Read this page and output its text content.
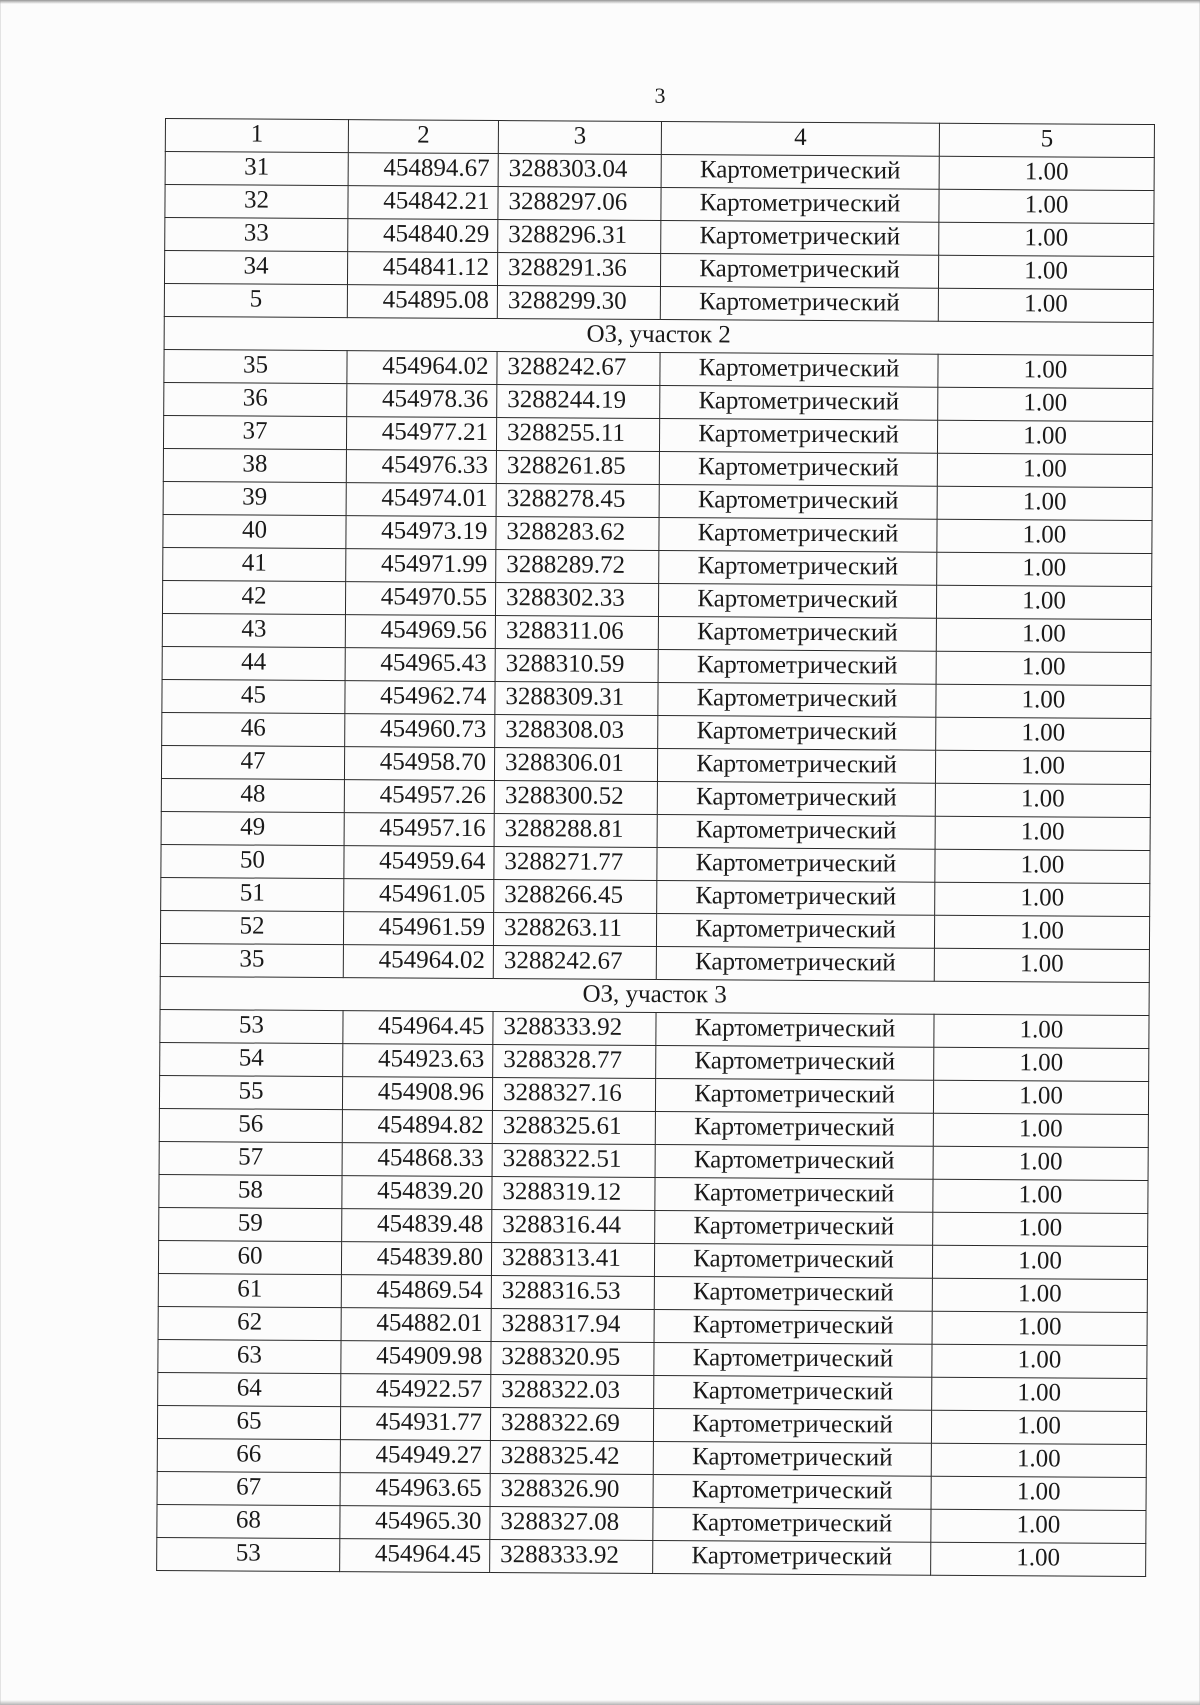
3
1	2	3	4	5
31	454894.67	3288303.04	Картометрический	1.00
32	454842.21	3288297.06	Картометрический	1.00
33	454840.29	3288296.31	Картометрический	1.00
34	454841.12	3288291.36	Картометрический	1.00
5	454895.08	3288299.30	Картометрический	1.00
ОЗ, участок 2				
35	454964.02	3288242.67	Картометрический	1.00
36	454978.36	3288244.19	Картометрический	1.00
37	454977.21	3288255.11	Картометрический	1.00
38	454976.33	3288261.85	Картометрический	1.00
39	454974.01	3288278.45	Картометрический	1.00
40	454973.19	3288283.62	Картометрический	1.00
41	454971.99	3288289.72	Картометрический	1.00
42	454970.55	3288302.33	Картометрический	1.00
43	454969.56	3288311.06	Картометрический	1.00
44	454965.43	3288310.59	Картометрический	1.00
45	454962.74	3288309.31	Картометрический	1.00
46	454960.73	3288308.03	Картометрический	1.00
47	454958.70	3288306.01	Картометрический	1.00
48	454957.26	3288300.52	Картометрический	1.00
49	454957.16	3288288.81	Картометрический	1.00
50	454959.64	3288271.77	Картометрический	1.00
51	454961.05	3288266.45	Картометрический	1.00
52	454961.59	3288263.11	Картометрический	1.00
35	454964.02	3288242.67	Картометрический	1.00
ОЗ, участок 3				
53	454964.45	3288333.92	Картометрический	1.00
54	454923.63	3288328.77	Картометрический	1.00
55	454908.96	3288327.16	Картометрический	1.00
56	454894.82	3288325.61	Картометрический	1.00
57	454868.33	3288322.51	Картометрический	1.00
58	454839.20	3288319.12	Картометрический	1.00
59	454839.48	3288316.44	Картометрический	1.00
60	454839.80	3288313.41	Картометрический	1.00
61	454869.54	3288316.53	Картометрический	1.00
62	454882.01	3288317.94	Картометрический	1.00
63	454909.98	3288320.95	Картометрический	1.00
64	454922.57	3288322.03	Картометрический	1.00
65	454931.77	3288322.69	Картометрический	1.00
66	454949.27	3288325.42	Картометрический	1.00
67	454963.65	3288326.90	Картометрический	1.00
68	454965.30	3288327.08	Картометрический	1.00
53	454964.45	3288333.92	Картометрический	1.00
